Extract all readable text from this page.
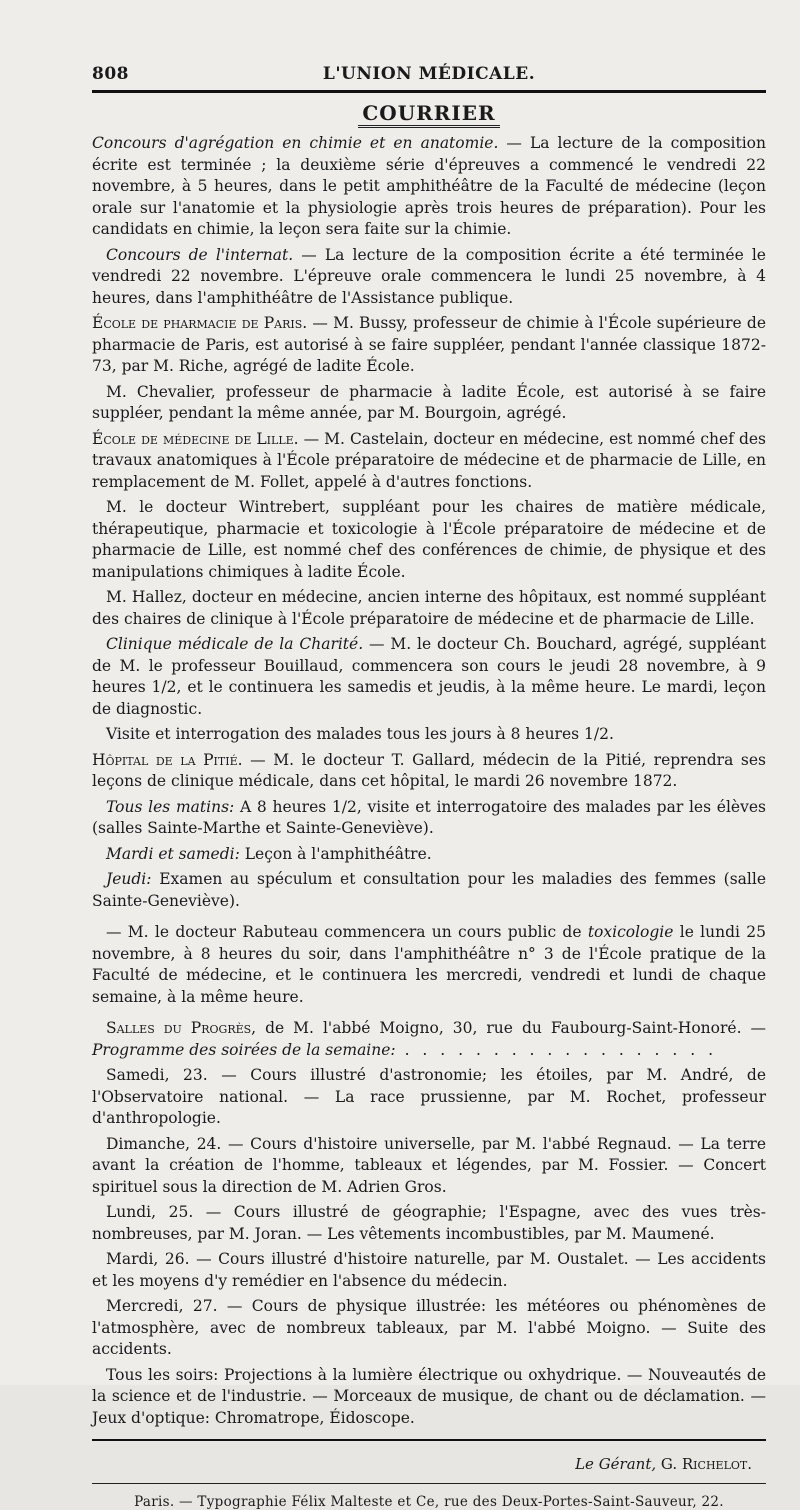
808	L'UNION MÉDICALE.
COURRIER

Concours d'agrégation en chimie et en anatomie. — La lecture de la composition écrite est terminée ; la deuxième série d'épreuves a commencé le vendredi 22 novembre, à 5 heures, dans le petit amphithéâtre de la Faculté de médecine (leçon orale sur l'anatomie et la physiologie après trois heures de préparation). Pour les candidats en chimie, la leçon sera faite sur la chimie.

Concours de l'internat. — La lecture de la composition écrite a été terminée le vendredi 22 novembre. L'épreuve orale commencera le lundi 25 novembre, à 4 heures, dans l'amphithéâtre de l'Assistance publique.

École de pharmacie de Paris. — M. Bussy, professeur de chimie à l'École supérieure de pharmacie de Paris, est autorisé à se faire suppléer, pendant l'année classique 1872-73, par M. Riche, agrégé de ladite École.

M. Chevalier, professeur de pharmacie à ladite École, est autorisé à se faire suppléer, pendant la même année, par M. Bourgoin, agrégé.

École de médecine de Lille. — M. Castelain, docteur en médecine, est nommé chef des travaux anatomiques à l'École préparatoire de médecine et de pharmacie de Lille, en remplacement de M. Follet, appelé à d'autres fonctions.

M. le docteur Wintrebert, suppléant pour les chaires de matière médicale, thérapeutique, pharmacie et toxicologie à l'École préparatoire de médecine et de pharmacie de Lille, est nommé chef des conférences de chimie, de physique et des manipulations chimiques à ladite École.

M. Hallez, docteur en médecine, ancien interne des hôpitaux, est nommé suppléant des chaires de clinique à l'École préparatoire de médecine et de pharmacie de Lille.

Clinique médicale de la Charité. — M. le docteur Ch. Bouchard, agrégé, suppléant de M. le professeur Bouillaud, commencera son cours le jeudi 28 novembre, à 9 heures 1/2, et le continuera les samedis et jeudis, à la même heure. Le mardi, leçon de diagnostic.

Visite et interrogation des malades tous les jours à 8 heures 1/2.

Hôpital de la Pitié. — M. le docteur T. Gallard, médecin de la Pitié, reprendra ses leçons de clinique médicale, dans cet hôpital, le mardi 26 novembre 1872.

Tous les matins: A 8 heures 1/2, visite et interrogatoire des malades par les élèves (salles Sainte-Marthe et Sainte-Geneviève).

Mardi et samedi: Leçon à l'amphithéâtre.

Jeudi: Examen au spéculum et consultation pour les maladies des femmes (salle Sainte-Geneviève).

— M. le docteur Rabuteau commencera un cours public de toxicologie le lundi 25 novembre, à 8 heures du soir, dans l'amphithéâtre n° 3 de l'École pratique de la Faculté de médecine, et le continuera les mercredi, vendredi et lundi de chaque semaine, à la même heure.

Salles du Progrès, de M. l'abbé Moigno, 30, rue du Faubourg-Saint-Honoré. — Programme des soirées de la semaine: . . . . . . . . . . . . . . . . . .

Samedi, 23. — Cours illustré d'astronomie; les étoiles, par M. André, de l'Observatoire national. — La race prussienne, par M. Rochet, professeur d'anthropologie.

Dimanche, 24. — Cours d'histoire universelle, par M. l'abbé Regnaud. — La terre avant la création de l'homme, tableaux et légendes, par M. Fossier. — Concert spirituel sous la direction de M. Adrien Gros.

Lundi, 25. — Cours illustré de géographie; l'Espagne, avec des vues très-nombreuses, par M. Joran. — Les vêtements incombustibles, par M. Maumené.

Mardi, 26. — Cours illustré d'histoire naturelle, par M. Oustalet. — Les accidents et les moyens d'y remédier en l'absence du médecin.

Mercredi, 27. — Cours de physique illustrée: les météores ou phénomènes de l'atmosphère, avec de nombreux tableaux, par M. l'abbé Moigno. — Suite des accidents.

Tous les soirs: Projections à la lumière électrique ou oxhydrique. — Nouveautés de la science et de l'industrie. — Morceaux de musique, de chant ou de déclamation. — Jeux d'optique: Chromatrope, Éidoscope.

Le Gérant, G. Richelot.
Paris. — Typographie Félix Malteste et Ce, rue des Deux-Portes-Saint-Sauveur, 22.
